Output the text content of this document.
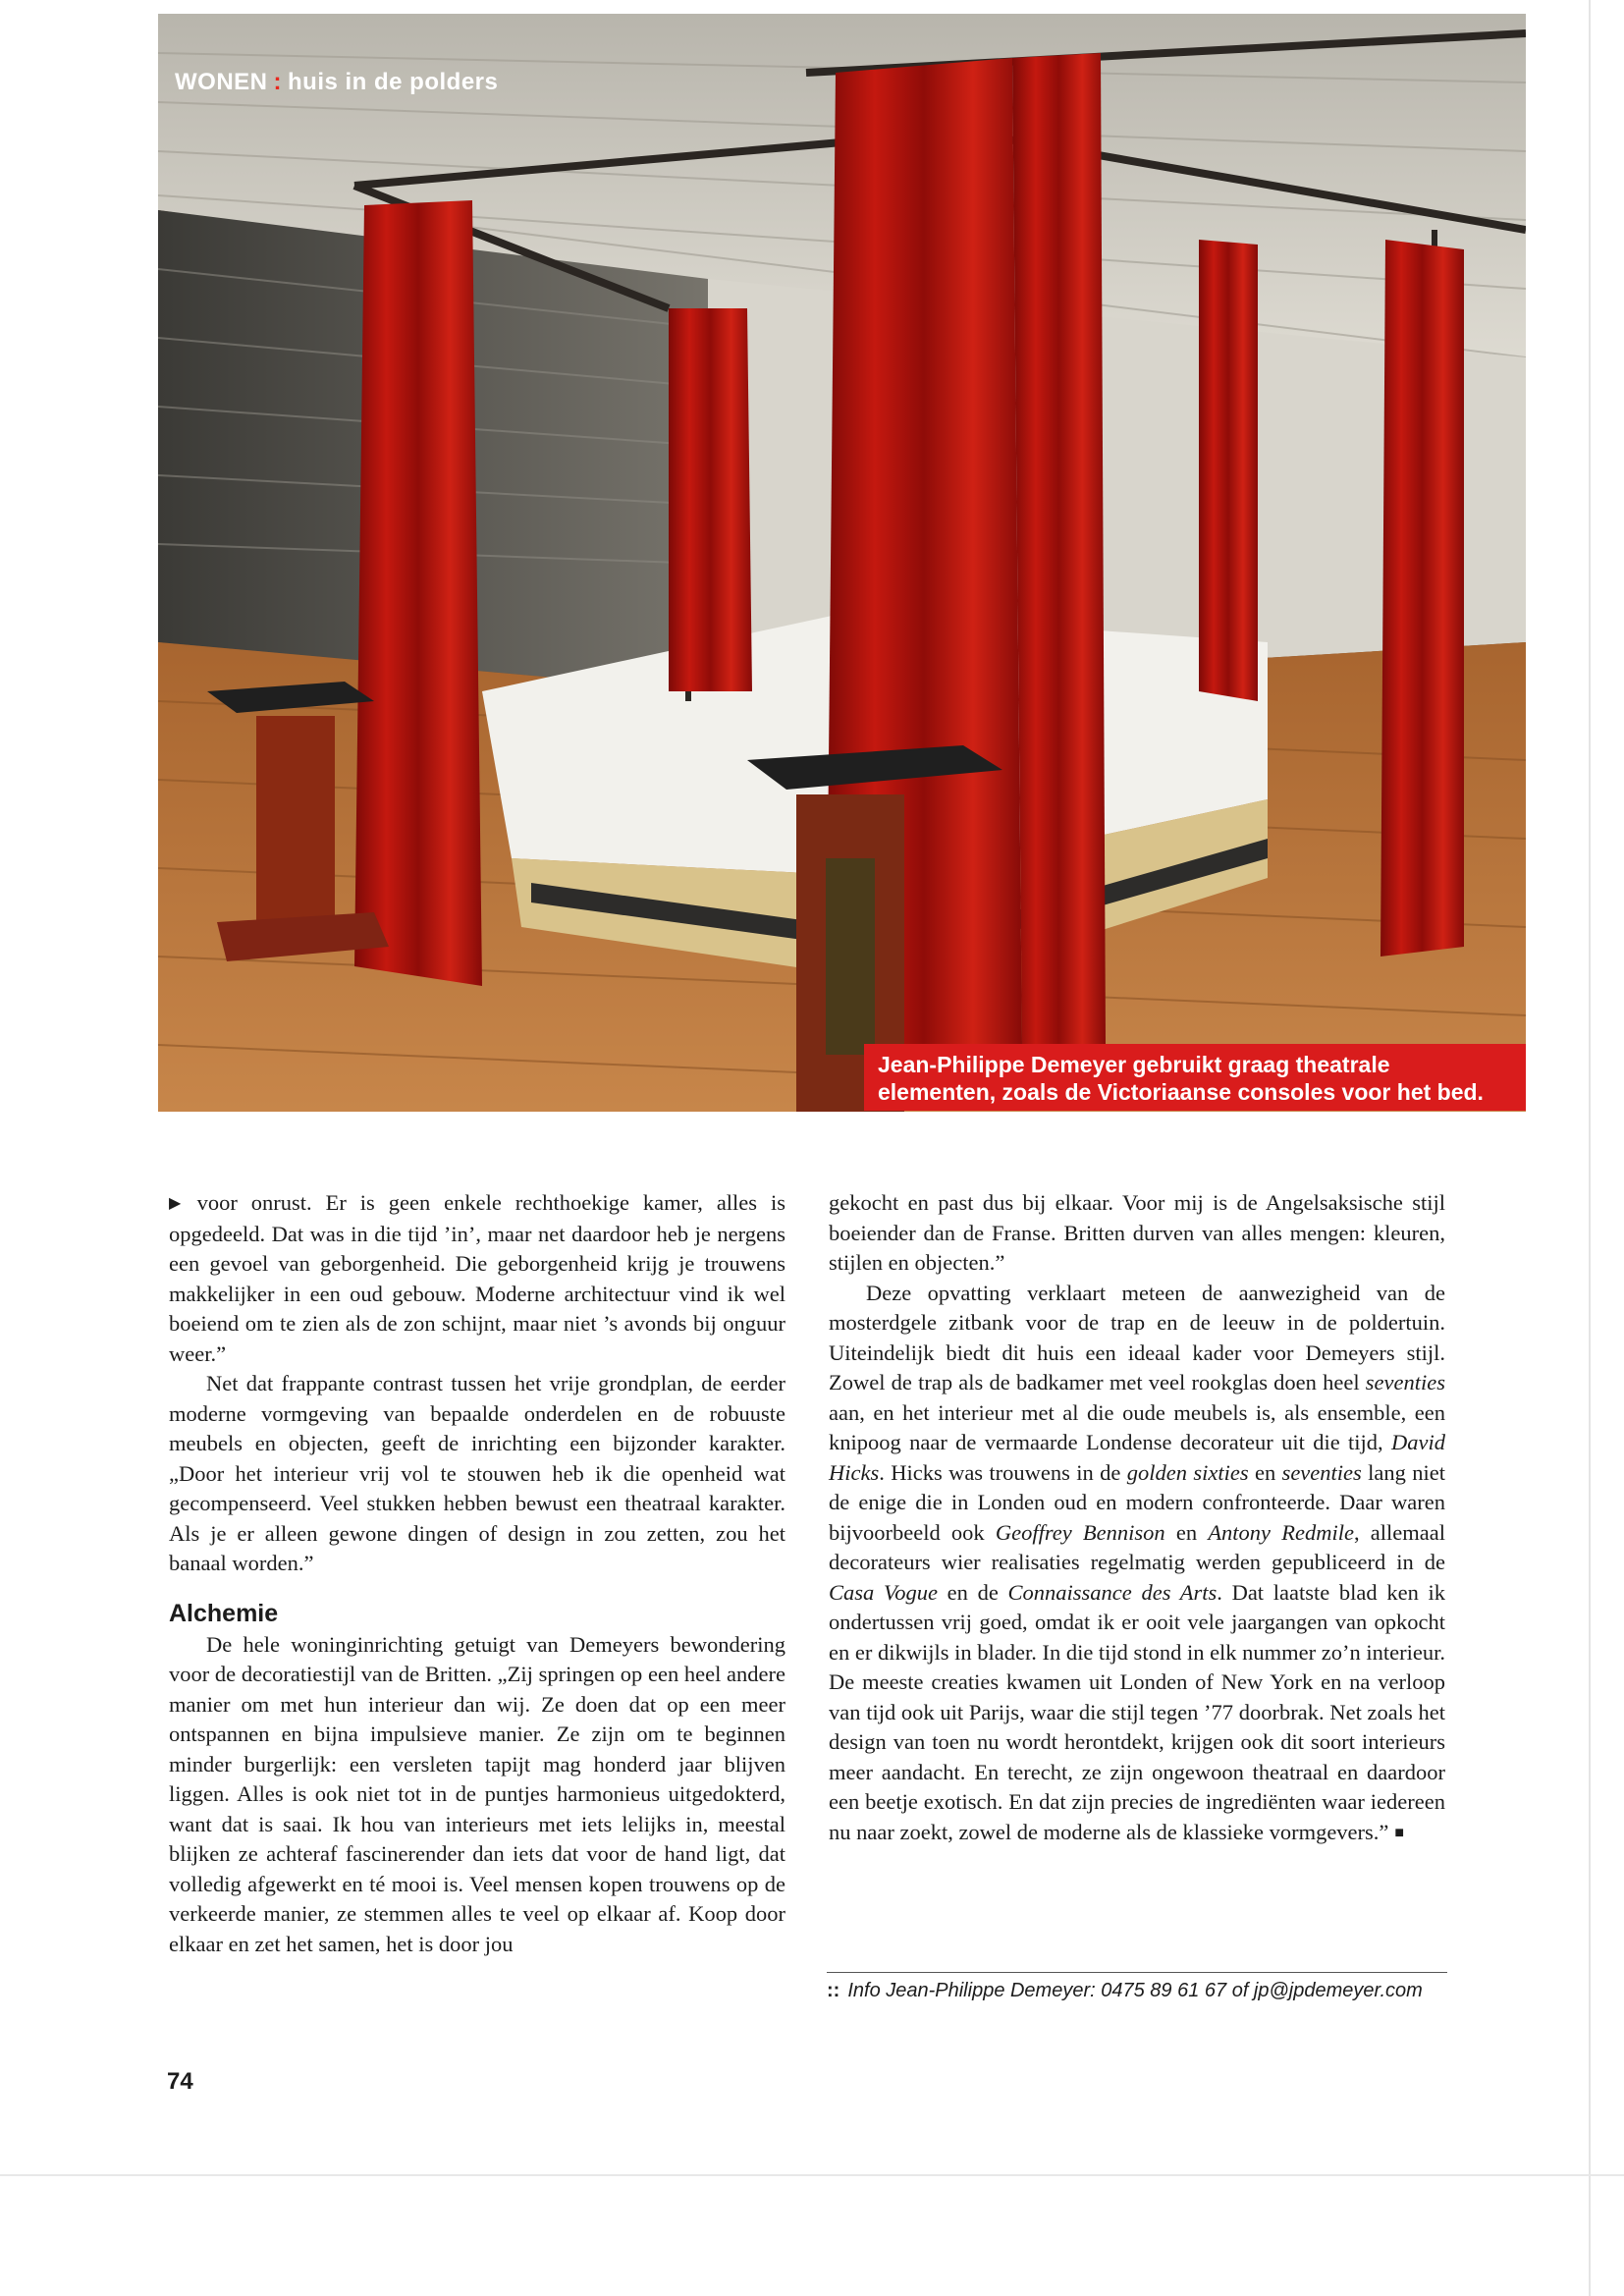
WONEN : huis in de polders
Jean-Philippe Demeyer gebruikt graag theatrale
elementen, zoals de Victoriaanse consoles voor het bed.

▶ voor onrust. Er is geen enkele rechthoekige kamer, alles is opgedeeld. Dat was in die tijd ’in’, maar net daardoor heb je nergens een gevoel van geborgenheid. Die geborgenheid krijg je trouwens makkelijker in een oud gebouw. Moderne architectuur vind ik wel boeiend om te zien als de zon schijnt, maar niet ’s avonds bij onguur weer.”

Net dat frappante contrast tussen het vrije grondplan, de eerder moderne vormgeving van bepaalde onderdelen en de robuuste meubels en objecten, geeft de inrichting een bijzonder karakter. „Door het interieur vrij vol te stouwen heb ik die openheid wat gecompenseerd. Veel stukken hebben bewust een theatraal karakter. Als je er alleen gewone dingen of design in zou zetten, zou het banaal worden.”

Alchemie

De hele woninginrichting getuigt van Demeyers bewondering voor de decoratiestijl van de Britten. „Zij springen op een heel andere manier om met hun interieur dan wij. Ze doen dat op een meer ontspannen en bijna impulsieve manier. Ze zijn om te beginnen minder burgerlijk: een versleten tapijt mag honderd jaar blijven liggen. Alles is ook niet tot in de puntjes harmonieus uitgedokterd, want dat is saai. Ik hou van interieurs met iets lelijks in, meestal blijken ze achteraf fascinerender dan iets dat voor de hand ligt, dat volledig afgewerkt en té mooi is. Veel mensen kopen trouwens op de verkeerde manier, ze stemmen alles te veel op elkaar af. Koop door elkaar en zet het samen, het is door jou

gekocht en past dus bij elkaar. Voor mij is de Angelsaksische stijl boeiender dan de Franse. Britten durven van alles mengen: kleuren, stijlen en objecten.”

Deze opvatting verklaart meteen de aanwezigheid van de mosterdgele zitbank voor de trap en de leeuw in de poldertuin. Uiteindelijk biedt dit huis een ideaal kader voor Demeyers stijl. Zowel de trap als de badkamer met veel rookglas doen heel seventies aan, en het interieur met al die oude meubels is, als ensemble, een knipoog naar de vermaarde Londense decorateur uit die tijd, David Hicks. Hicks was trouwens in de golden sixties en seventies lang niet de enige die in Londen oud en modern confronteerde. Daar waren bijvoorbeeld ook Geoffrey Bennison en Antony Redmile, allemaal decorateurs wier realisaties regelmatig werden gepubliceerd in de Casa Vogue en de Connaissance des Arts. Dat laatste blad ken ik ondertussen vrij goed, omdat ik er ooit vele jaargangen van opkocht en er dikwijls in blader. In die tijd stond in elk nummer zo’n interieur. De meeste creaties kwamen uit Londen of New York en na verloop van tijd ook uit Parijs, waar die stijl tegen ’77 doorbrak. Net zoals het design van toen nu wordt herontdekt, krijgen ook dit soort interieurs meer aandacht. En terecht, ze zijn ongewoon theatraal en daardoor een beetje exotisch. En dat zijn precies de ingrediënten waar iedereen nu naar zoekt, zowel de moderne als de klassieke vormgevers.” ■

:: Info Jean-Philippe Demeyer: 0475 89 61 67 of jp@jpdemeyer.com
74
